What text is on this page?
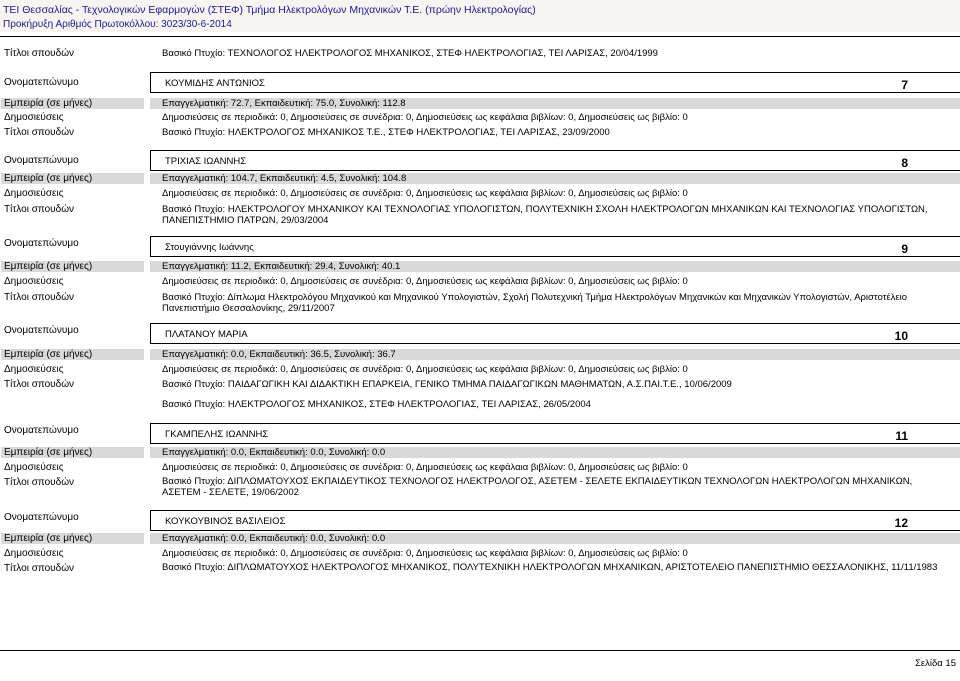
ΤΕΙ Θεσσαλίας - Τεχνολογικών Εφαρμογών (ΣΤΕΦ) Τμήμα Ηλεκτρολόγων Μηχανικών Τ.Ε. (πρώην Ηλεκτρολογίας)
Προκήρυξη Αριθμός Πρωτοκόλλου: 3023/30-6-2014
Τίτλοι σπουδών	Βασικό Πτυχίο: ΤΕΧΝΟΛΟΓΟΣ ΗΛΕΚΤΡΟΛΟΓΟΣ ΜΗΧΑΝΙΚΟΣ, ΣΤΕΦ ΗΛΕΚΤΡΟΛΟΓΙΑΣ, ΤΕΙ ΛΑΡΙΣΑΣ, 20/04/1999
Ονοματεπώνυμο	ΚΟΥΜΙΔΗΣ ΑΝΤΩΝΙΟΣ	7
Εμπειρία (σε μήνες)	Επαγγελματική: 72.7, Εκπαιδευτική: 75.0, Συνολική: 112.8
Δημοσιεύσεις	Δημοσιεύσεις σε περιοδικά: 0, Δημοσιεύσεις σε συνέδρια: 0, Δημοσιεύσεις ως κεφάλαια βιβλίων: 0, Δημοσιεύσεις ως βιβλίο: 0
Τίτλοι σπουδών	Βασικό Πτυχίο: ΗΛΕΚΤΡΟΛΟΓΟΣ ΜΗΧΑΝΙΚΟΣ Τ.Ε., ΣΤΕΦ ΗΛΕΚΤΡΟΛΟΓΙΑΣ, ΤΕΙ ΛΑΡΙΣΑΣ, 23/09/2000
Ονοματεπώνυμο	ΤΡΙΧΙΑΣ ΙΩΑΝΝΗΣ	8
Εμπειρία (σε μήνες)	Επαγγελματική: 104.7, Εκπαιδευτική: 4.5, Συνολική: 104.8
Δημοσιεύσεις	Δημοσιεύσεις σε περιοδικά: 0, Δημοσιεύσεις σε συνέδρια: 0, Δημοσιεύσεις ως κεφάλαια βιβλίων: 0, Δημοσιεύσεις ως βιβλίο: 0
Τίτλοι σπουδών	Βασικό Πτυχίο: ΗΛΕΚΤΡΟΛΟΓΟΥ ΜΗΧΑΝΙΚΟΥ ΚΑΙ ΤΕΧΝΟΛΟΓΙΑΣ ΥΠΟΛΟΓΙΣΤΩΝ, ΠΟΛΥΤΕΧΝΙΚΗ ΣΧΟΛΗ ΗΛΕΚΤΡΟΛΟΓΩΝ ΜΗΧΑΝΙΚΩΝ ΚΑΙ ΤΕΧΝΟΛΟΓΙΑΣ ΥΠΟΛΟΓΙΣΤΩΝ, ΠΑΝΕΠΙΣΤΗΜΙΟ ΠΑΤΡΩΝ, 29/03/2004
Ονοματεπώνυμο	Στουγιάννης Ιωάννης	9
Εμπειρία (σε μήνες)	Επαγγελματική: 11.2, Εκπαιδευτική: 29.4, Συνολική: 40.1
Δημοσιεύσεις	Δημοσιεύσεις σε περιοδικά: 0, Δημοσιεύσεις σε συνέδρια: 0, Δημοσιεύσεις ως κεφάλαια βιβλίων: 0, Δημοσιεύσεις ως βιβλίο: 0
Τίτλοι σπουδών	Βασικό Πτυχίο: Δίπλωμα Ηλεκτρολόγου Μηχανικού και Μηχανικού Υπολογιστών, Σχολή Πολυτεχνική Τμήμα Ηλεκτρολόγων Μηχανικών και Μηχανικών Υπολογιστών, Αριστοτέλειο Πανεπιστήμιο Θεσσαλονίκης, 29/11/2007
Ονοματεπώνυμο	ΠΛΑΤΑΝΟΥ ΜΑΡΙΑ	10
Εμπειρία (σε μήνες)	Επαγγελματική: 0.0, Εκπαιδευτική: 36.5, Συνολική: 36.7
Δημοσιεύσεις	Δημοσιεύσεις σε περιοδικά: 0, Δημοσιεύσεις σε συνέδρια: 0, Δημοσιεύσεις ως κεφάλαια βιβλίων: 0, Δημοσιεύσεις ως βιβλίο: 0
Τίτλοι σπουδών	Βασικό Πτυχίο: ΠΑΙΔΑΓΩΓΙΚΗ ΚΑΙ ΔΙΔΑΚΤΙΚΗ ΕΠΑΡΚΕΙΑ, ΓΕΝΙΚΟ ΤΜΗΜΑ ΠΑΙΔΑΓΩΓΙΚΩΝ ΜΑΘΗΜΑΤΩΝ, Α.Σ.ΠΑΙ.Τ.Ε., 10/06/2009
Βασικό Πτυχίο: ΗΛΕΚΤΡΟΛΟΓΟΣ ΜΗΧΑΝΙΚΟΣ, ΣΤΕΦ ΗΛΕΚΤΡΟΛΟΓΙΑΣ, ΤΕΙ ΛΑΡΙΣΑΣ, 26/05/2004
Ονοματεπώνυμο	ΓΚΑΜΠΕΛΗΣ ΙΩΑΝΝΗΣ	11
Εμπειρία (σε μήνες)	Επαγγελματική: 0.0, Εκπαιδευτική: 0.0, Συνολική: 0.0
Δημοσιεύσεις	Δημοσιεύσεις σε περιοδικά: 0, Δημοσιεύσεις σε συνέδρια: 0, Δημοσιεύσεις ως κεφάλαια βιβλίων: 0, Δημοσιεύσεις ως βιβλίο: 0
Τίτλοι σπουδών	Βασικό Πτυχίο: ΔΙΠΛΩΜΑΤΟΥΧΟΣ ΕΚΠΑΙΔΕΥΤΙΚΟΣ ΤΕΧΝΟΛΟΓΟΣ ΗΛΕΚΤΡΟΛΟΓΟΣ, ΑΣΕΤΕΜ - ΣΕΛΕΤΕ ΕΚΠΑΙΔΕΥΤΙΚΩΝ ΤΕΧΝΟΛΟΓΩΝ ΗΛΕΚΤΡΟΛΟΓΩΝ ΜΗΧΑΝΙΚΩΝ, ΑΣΕΤΕΜ - ΣΕΛΕΤΕ, 19/06/2002
Ονοματεπώνυμο	ΚΟΥΚΟΥΒΙΝΟΣ ΒΑΣΙΛΕΙΟΣ	12
Εμπειρία (σε μήνες)	Επαγγελματική: 0.0, Εκπαιδευτική: 0.0, Συνολική: 0.0
Δημοσιεύσεις	Δημοσιεύσεις σε περιοδικά: 0, Δημοσιεύσεις σε συνέδρια: 0, Δημοσιεύσεις ως κεφάλαια βιβλίων: 0, Δημοσιεύσεις ως βιβλίο: 0
Τίτλοι σπουδών	Βασικό Πτυχίο: ΔΙΠΛΩΜΑΤΟΥΧΟΣ ΗΛΕΚΤΡΟΛΟΓΟΣ ΜΗΧΑΝΙΚΟΣ, ΠΟΛΥΤΕΧΝΙΚΗ ΗΛΕΚΤΡΟΛΟΓΩΝ ΜΗΧΑΝΙΚΩΝ, ΑΡΙΣΤΟΤΕΛΕΙΟ ΠΑΝΕΠΙΣΤΗΜΙΟ ΘΕΣΣΑΛΟΝΙΚΗΣ, 11/11/1983
Σελίδα 15
